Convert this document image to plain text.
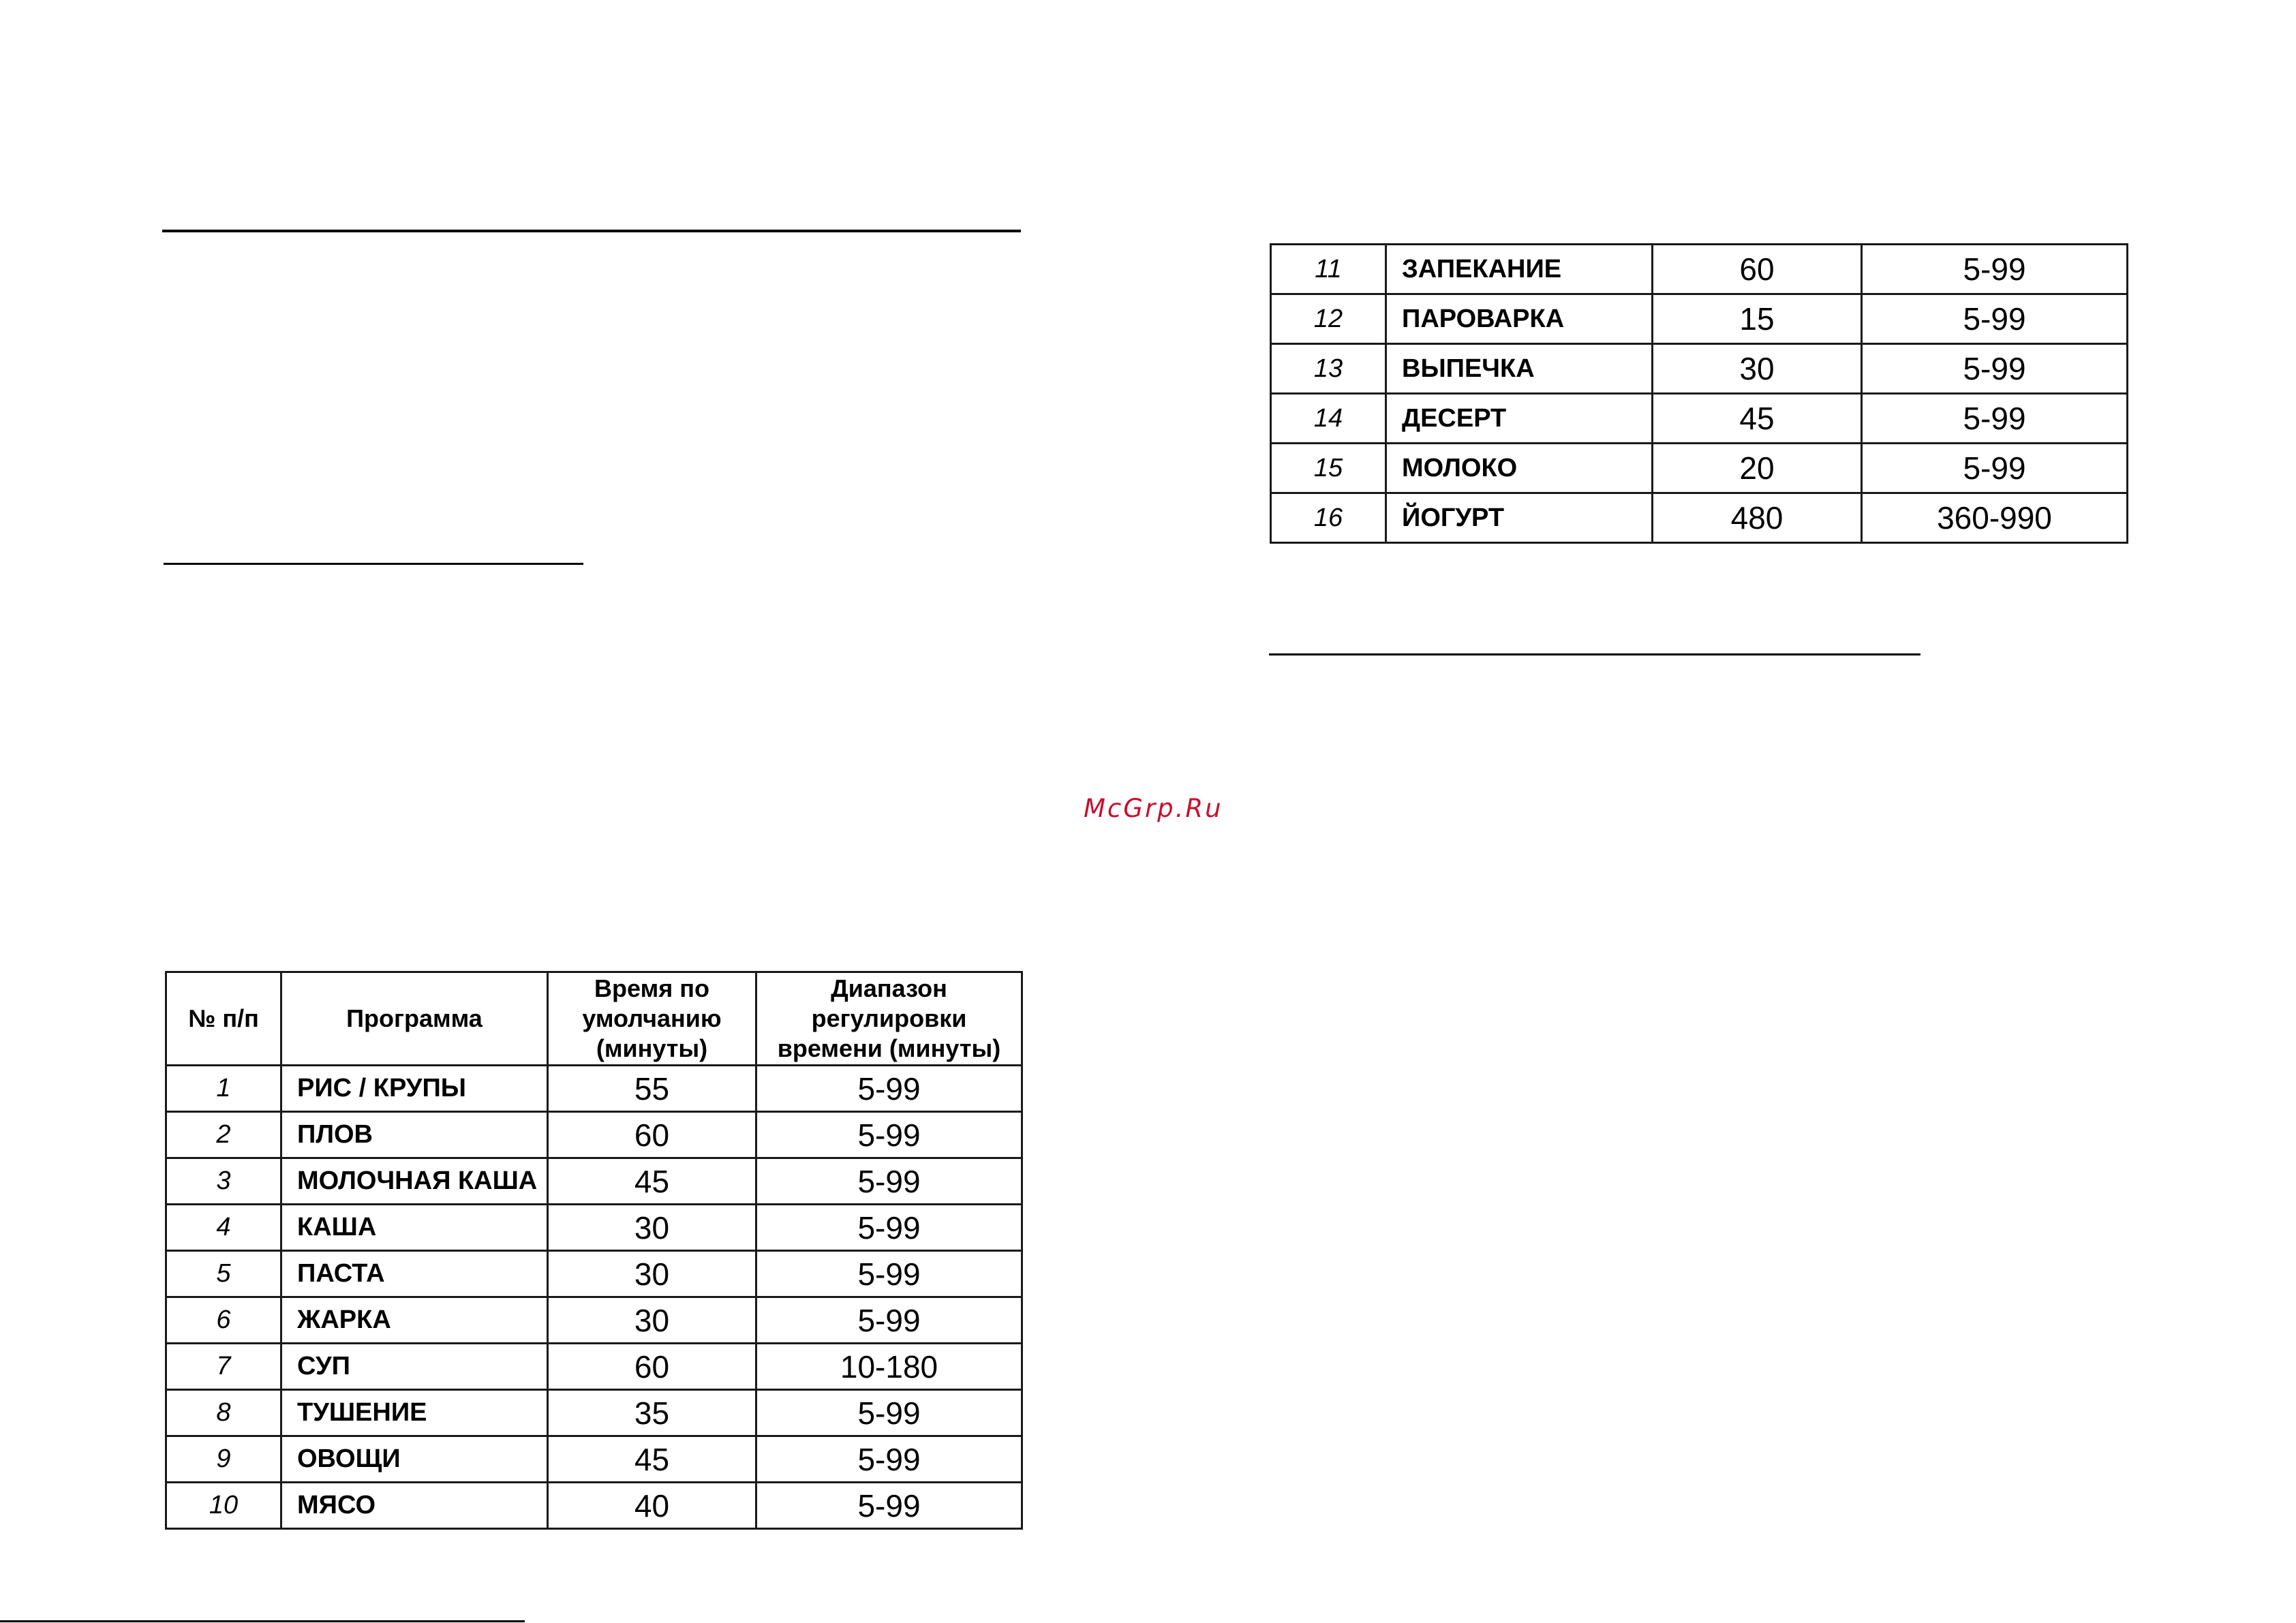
McGrp.Ru
№ п/п	Программа	Время по
умолчанию
(минуты)	Диапазон
регулировки
времени (минуты)
1	РИС / КРУПЫ	55	5-99
2	ПЛОВ	60	5-99
3	МОЛОЧНАЯ КАША	45	5-99
4	КАША	30	5-99
5	ПАСТА	30	5-99
6	ЖАРКА	30	5-99
7	СУП	60	10-180
8	ТУШЕНИЕ	35	5-99
9	ОВОЩИ	45	5-99
10	МЯСО	40	5-99
11	ЗАПЕКАНИЕ	60	5-99
12	ПАРОВАРКА	15	5-99
13	ВЫПЕЧКА	30	5-99
14	ДЕСЕРТ	45	5-99
15	МОЛОКО	20	5-99
16	ЙОГУРТ	480	360-990
